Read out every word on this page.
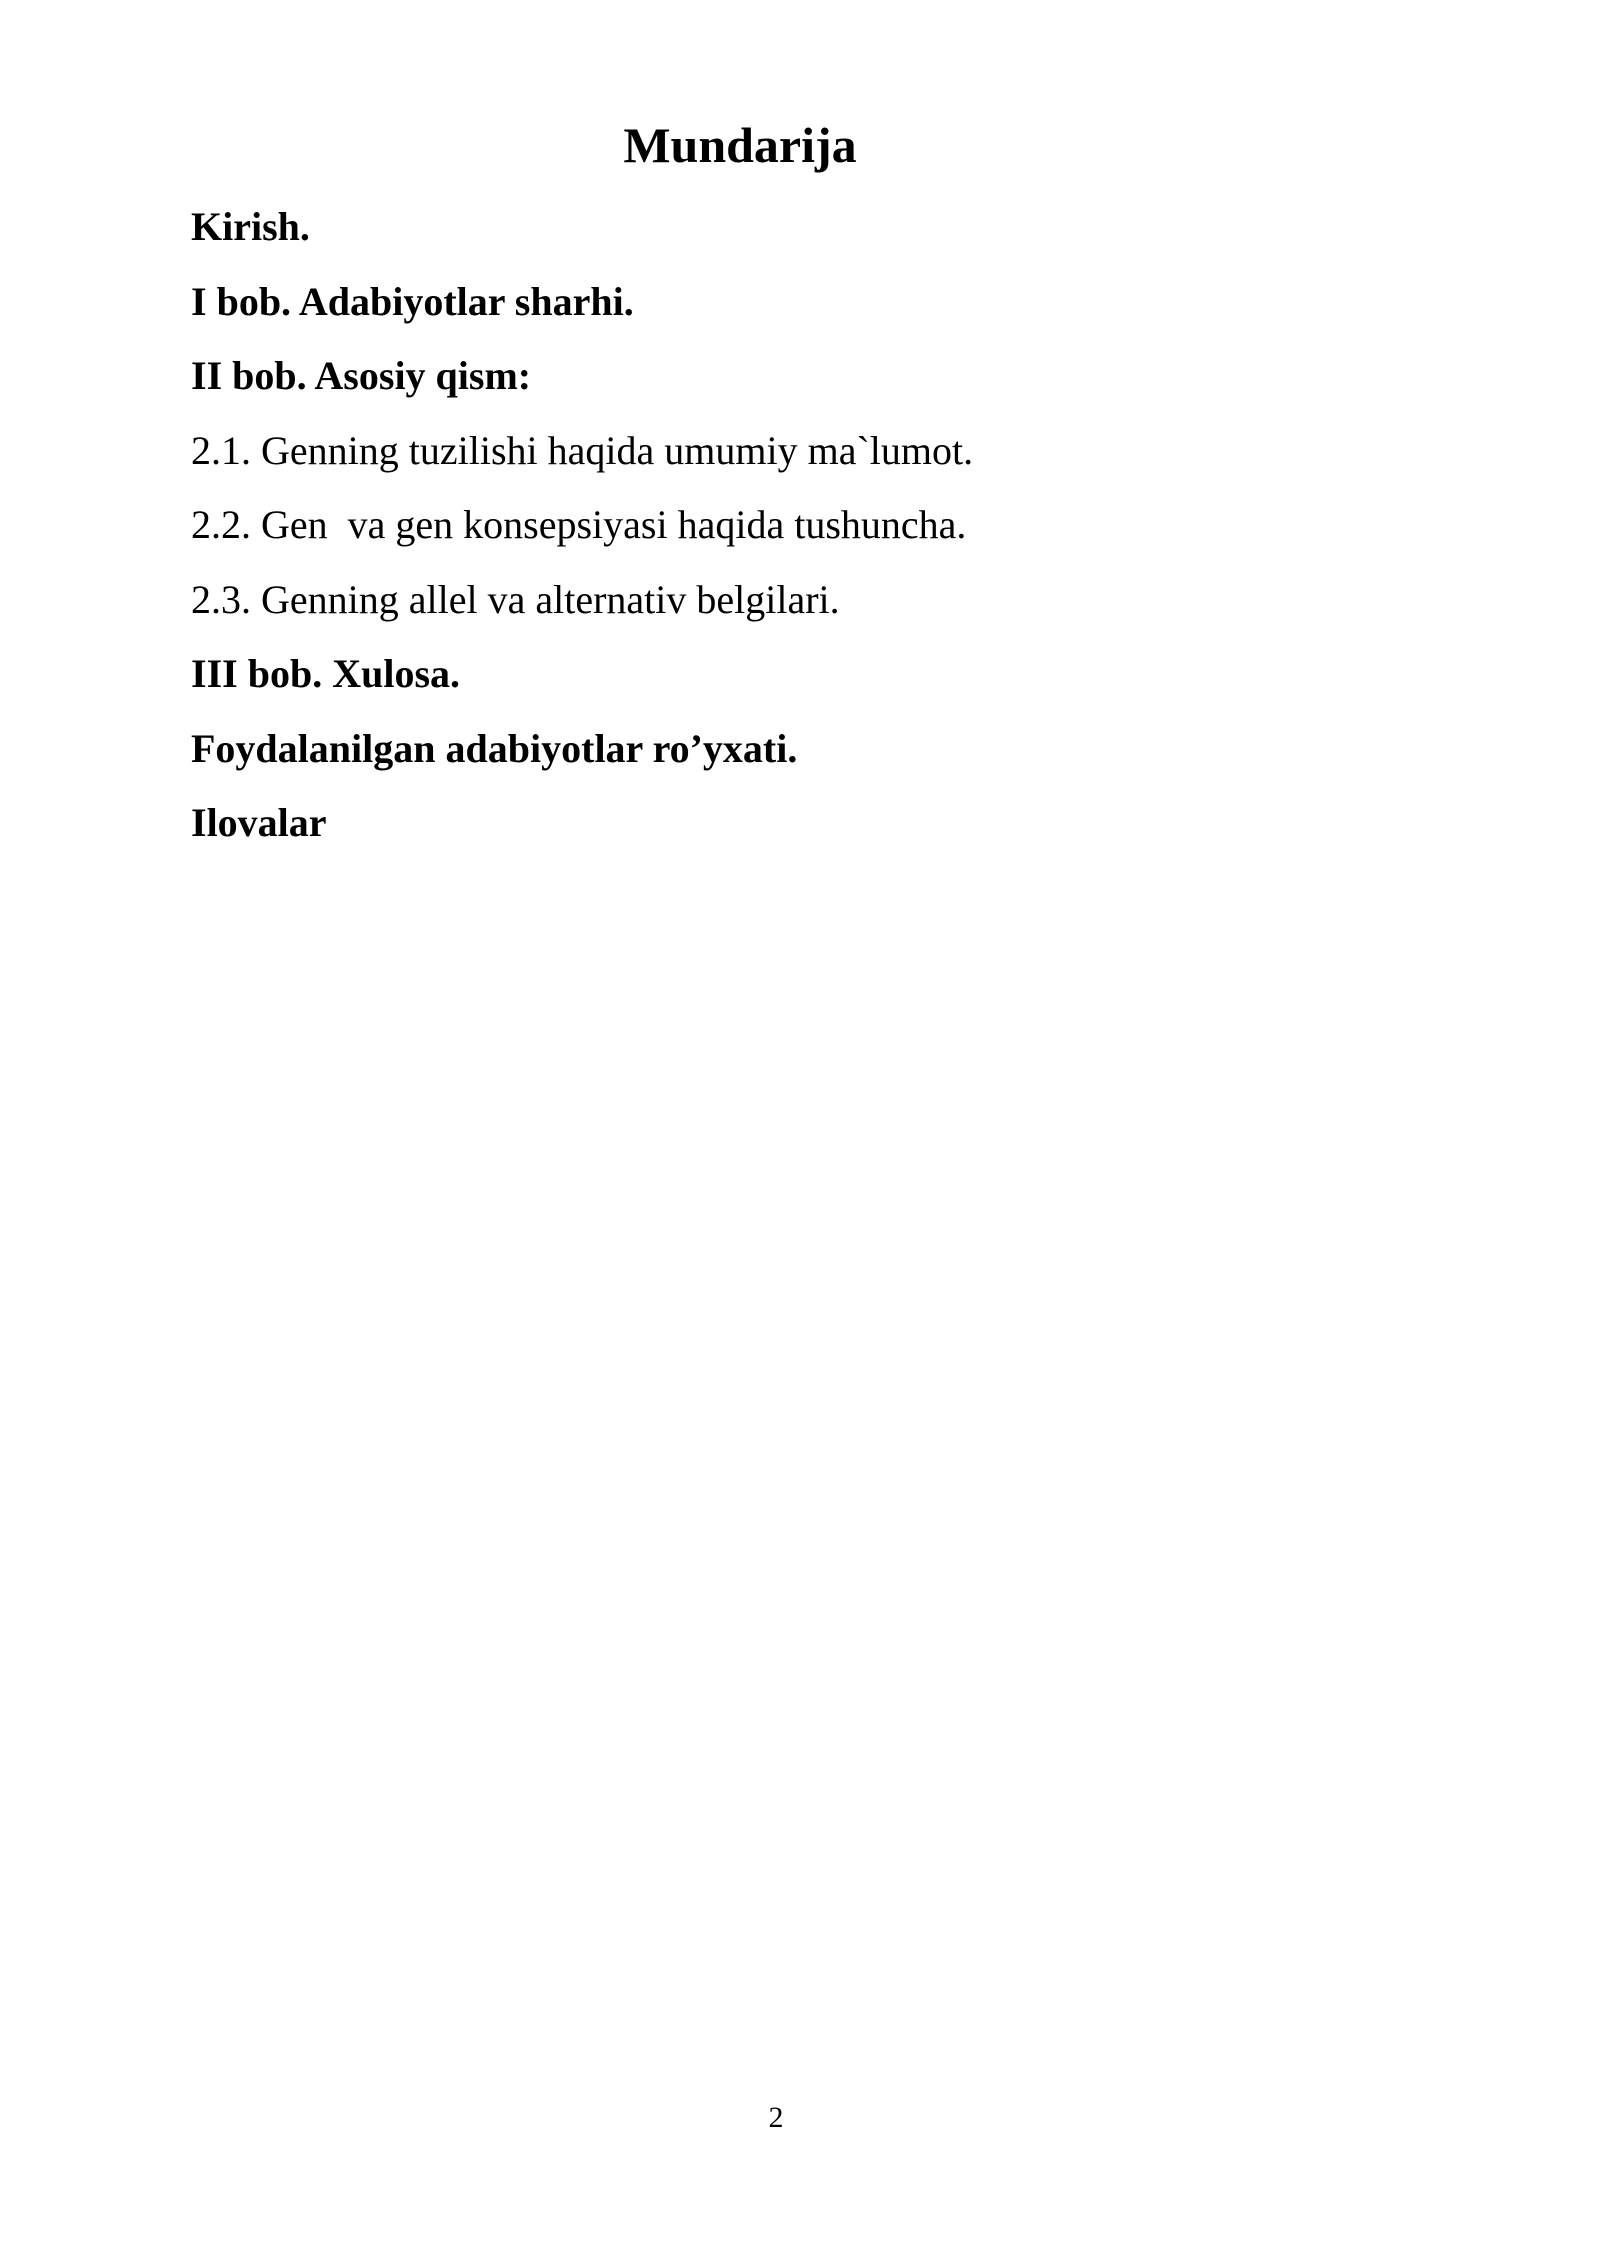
Mundarija
Kirish.
I bob. Adabiyotlar sharhi.
II bob. Asosiy qism:
2.1. Genning tuzilishi haqida umumiy ma`lumot.
2.2. Gen  va gen konsepsiyasi haqida tushuncha.
2.3. Genning allel va alternativ belgilari.
III bob. Xulosa.
Foydalanilgan adabiyotlar ro’yxati.
Ilovalar
2
